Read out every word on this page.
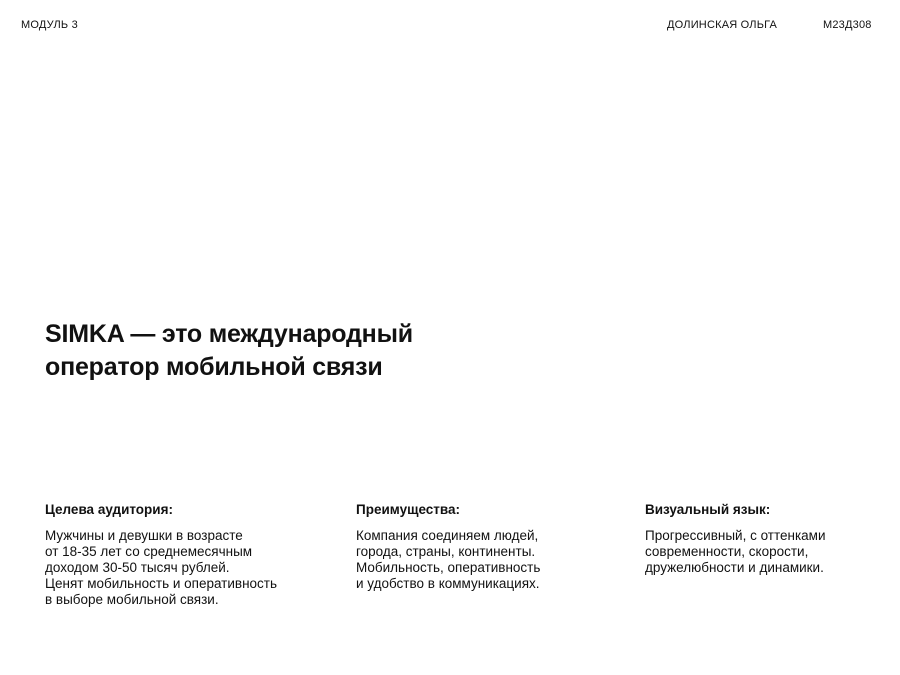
МОДУЛЬ 3	ДОЛИНСКАЯ ОЛЬГА	M23Д308
SIMKA — это международный
оператор мобильной связи

Целева аудитория:

Мужчины и девушки в возрасте
от 18-35 лет со среднемесячным
доходом 30-50 тысяч рублей.
Ценят мобильность и оперативность
в выборе мобильной связи.

Преимущества:

Компания соединяем людей,
города, страны, континенты.
Мобильность, оперативность
и удобство в коммуникациях.

Визуальный язык:

Прогрессивный, с оттенками
современности, скорости,
дружелюбности и динамики.
